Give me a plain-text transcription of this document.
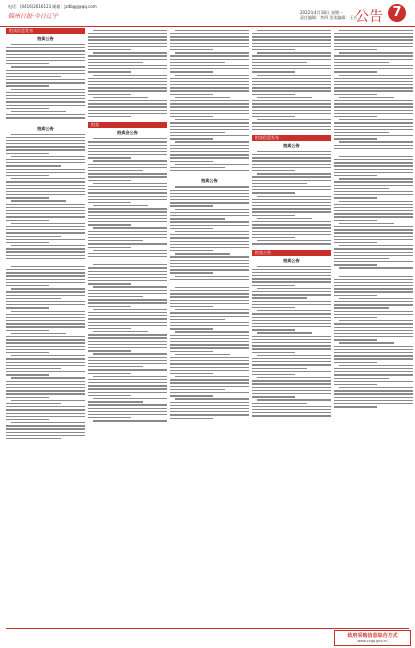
电话：(0416)2616123 邮箱：jzdbgg@qq.com
锦州日报·今日辽宁
2022年4月18日 星期一
责任编辑：李四 美术编辑：王五
公告 7
拍卖信息发布
拍卖公告
拍卖公告
拍卖
拍卖会公告
拍卖公告
拍卖信息发布
拍卖公告
拍卖公告
拍卖公告
政府采购信息综合方式
www.ccgp.gov.cn
